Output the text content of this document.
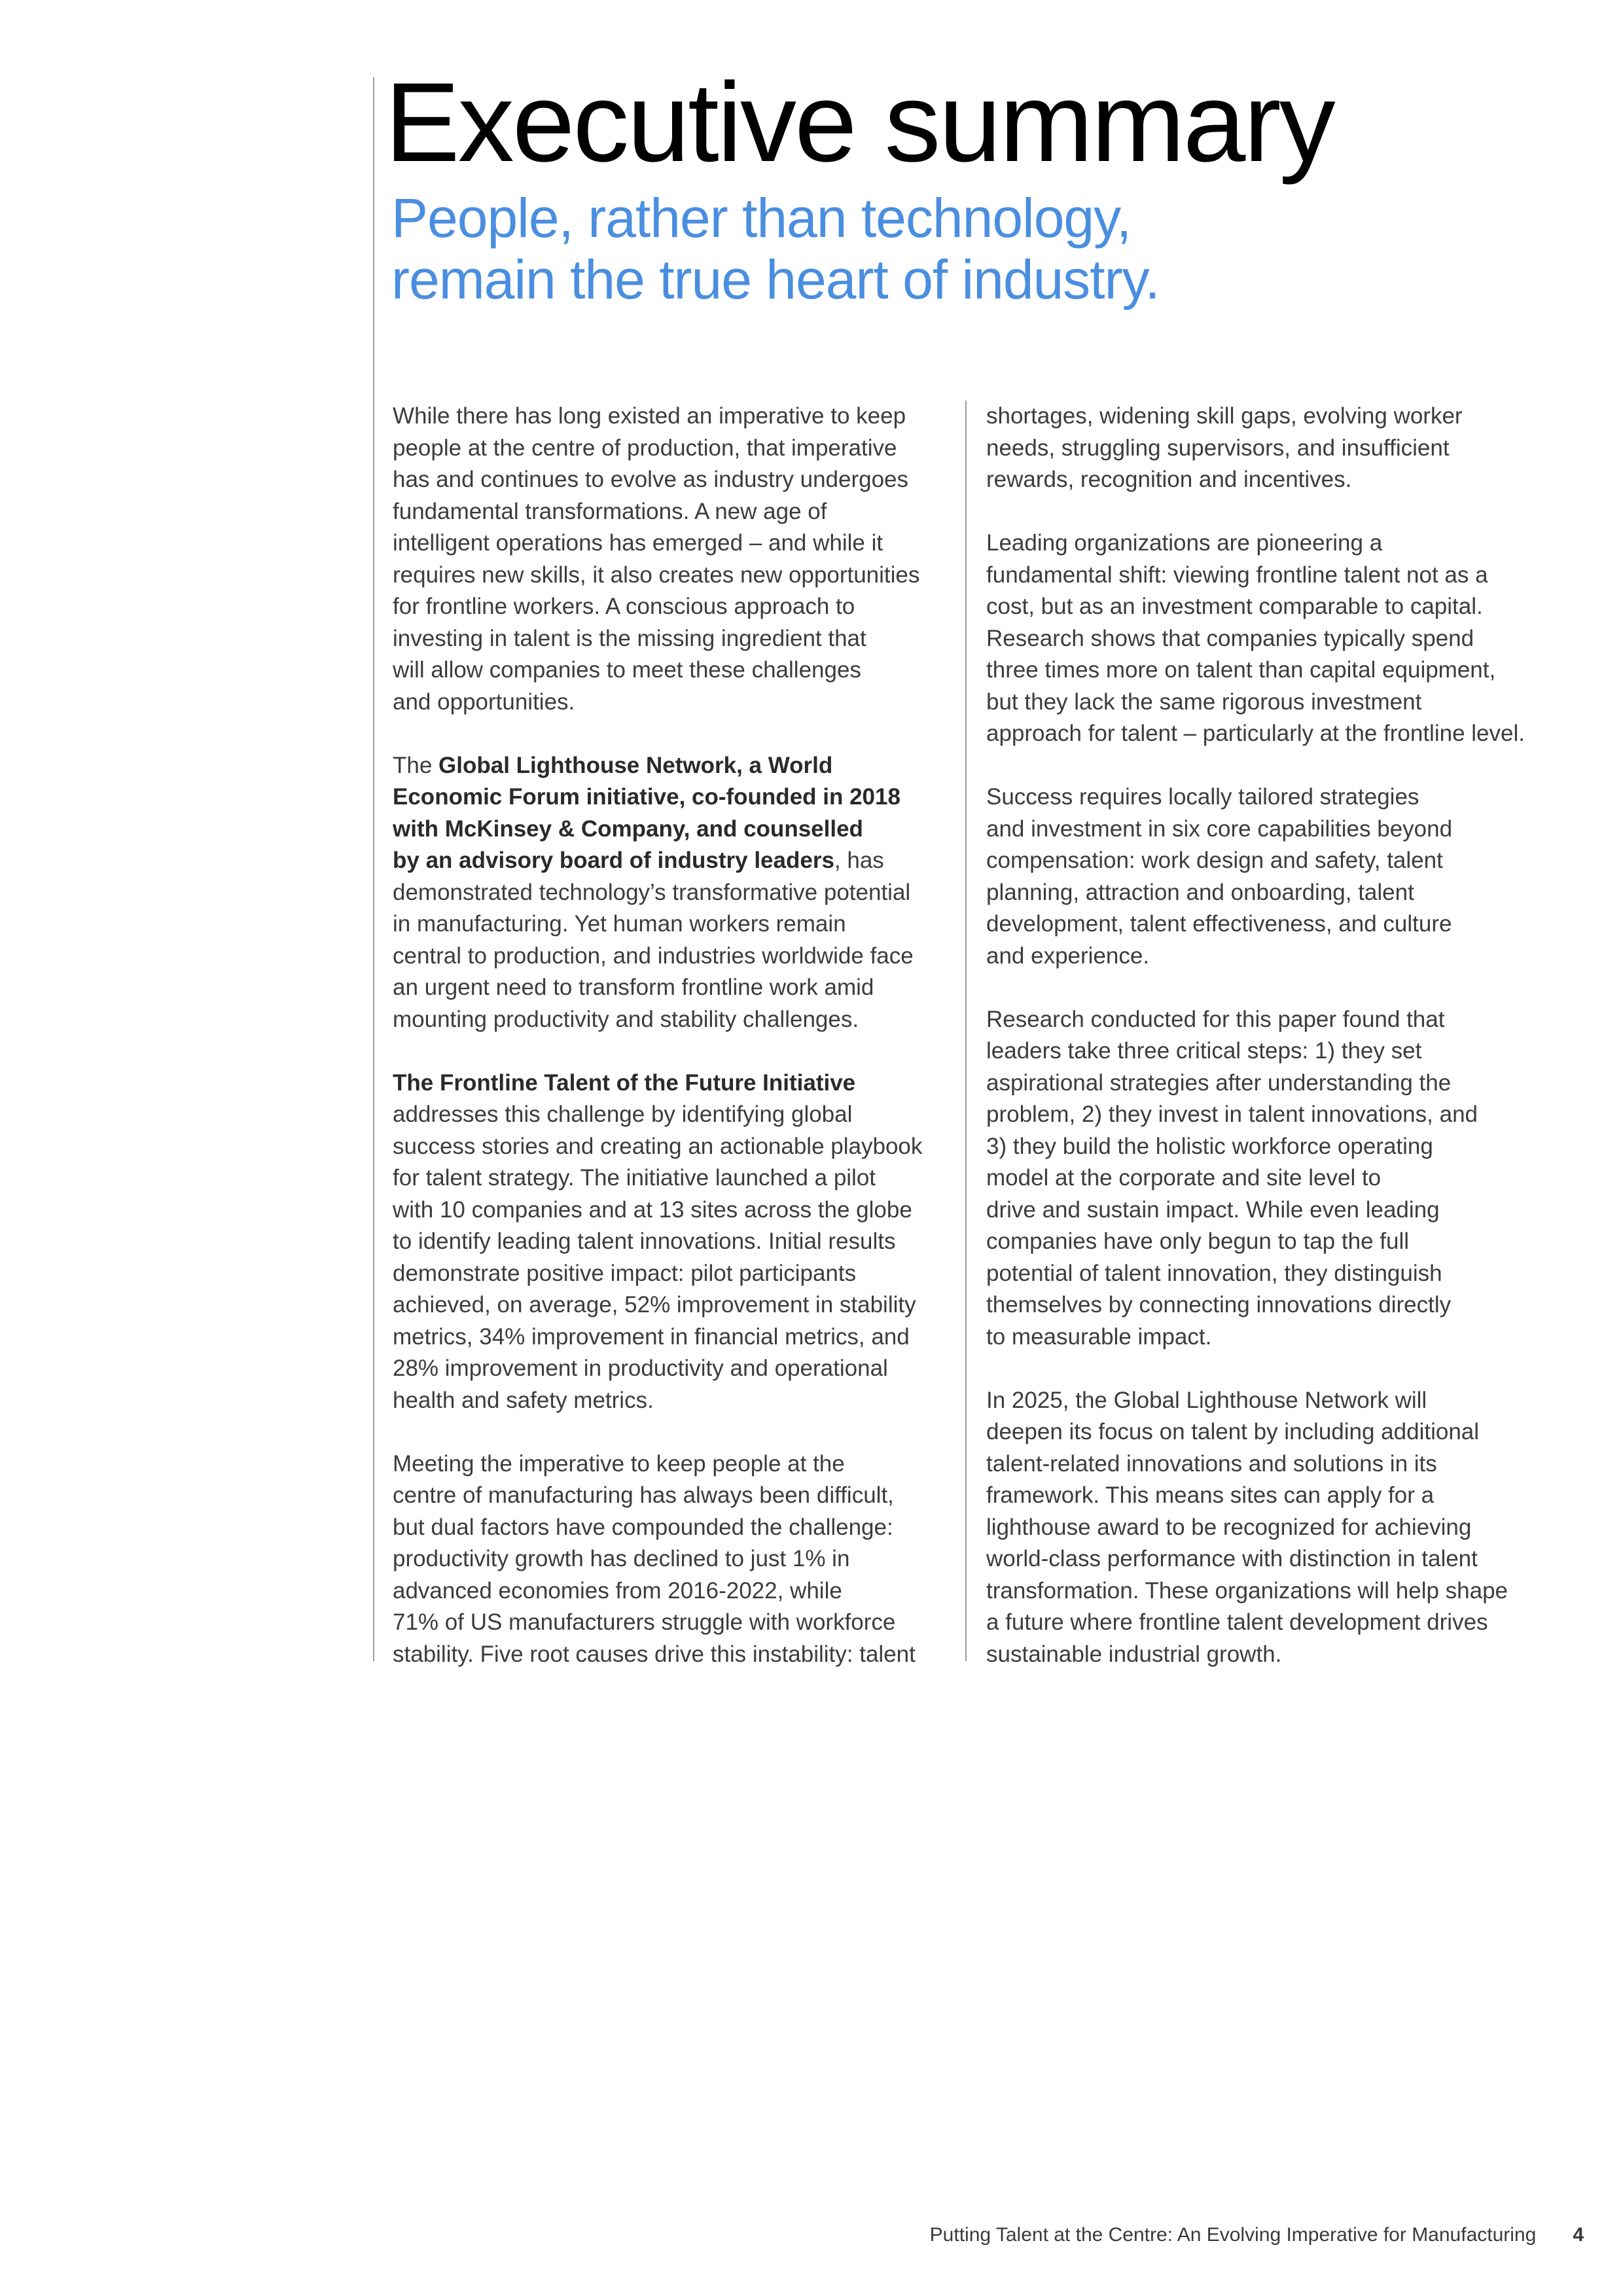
Executive summary
People, rather than technology,
remain the true heart of industry.

While there has long existed an imperative to keep
people at the centre of production, that imperative
has and continues to evolve as industry undergoes
fundamental transformations. A new age of
intelligent operations has emerged – and while it
requires new skills, it also creates new opportunities
for frontline workers. A conscious approach to
investing in talent is the missing ingredient that
will allow companies to meet these challenges
and opportunities.

The Global Lighthouse Network, a World
Economic Forum initiative, co-founded in 2018
with McKinsey & Company, and counselled
by an advisory board of industry leaders, has
demonstrated technology’s transformative potential
in manufacturing. Yet human workers remain
central to production, and industries worldwide face
an urgent need to transform frontline work amid
mounting productivity and stability challenges.

The Frontline Talent of the Future Initiative
addresses this challenge by identifying global
success stories and creating an actionable playbook
for talent strategy. The initiative launched a pilot
with 10 companies and at 13 sites across the globe
to identify leading talent innovations. Initial results
demonstrate positive impact: pilot participants
achieved, on average, 52% improvement in stability
metrics, 34% improvement in financial metrics, and
28% improvement in productivity and operational
health and safety metrics.

Meeting the imperative to keep people at the
centre of manufacturing has always been difficult,
but dual factors have compounded the challenge:
productivity growth has declined to just 1% in
advanced economies from 2016-2022, while
71% of US manufacturers struggle with workforce
stability. Five root causes drive this instability: talent

shortages, widening skill gaps, evolving worker
needs, struggling supervisors, and insufficient
rewards, recognition and incentives.

Leading organizations are pioneering a
fundamental shift: viewing frontline talent not as a
cost, but as an investment comparable to capital.
Research shows that companies typically spend
three times more on talent than capital equipment,
but they lack the same rigorous investment
approach for talent – particularly at the frontline level.

Success requires locally tailored strategies
and investment in six core capabilities beyond
compensation: work design and safety, talent
planning, attraction and onboarding, talent
development, talent effectiveness, and culture
and experience.

Research conducted for this paper found that
leaders take three critical steps: 1) they set
aspirational strategies after understanding the
problem, 2) they invest in talent innovations, and
3) they build the holistic workforce operating
model at the corporate and site level to
drive and sustain impact. While even leading
companies have only begun to tap the full
potential of talent innovation, they distinguish
themselves by connecting innovations directly
to measurable impact.

In 2025, the Global Lighthouse Network will
deepen its focus on talent by including additional
talent-related innovations and solutions in its
framework. This means sites can apply for a
lighthouse award to be recognized for achieving
world-class performance with distinction in talent
transformation. These organizations will help shape
a future where frontline talent development drives
sustainable industrial growth.

Putting Talent at the Centre: An Evolving Imperative for Manufacturing 4
